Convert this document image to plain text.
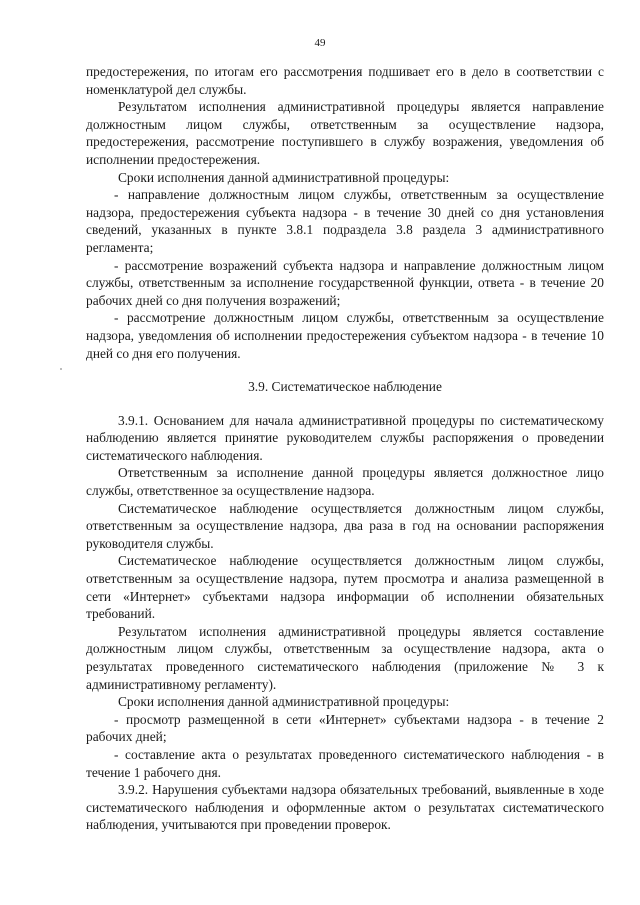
49

предостережения, по итогам его рассмотрения подшивает его в дело в соответствии с номенклатурой дел службы.

Результатом исполнения административной процедуры является направление должностным лицом службы, ответственным за осуществление надзора, предостережения, рассмотрение поступившего в службу возражения, уведомления об исполнении предостережения.

Сроки исполнения данной административной процедуры:

- направление должностным лицом службы, ответственным за осуществление надзора, предостережения субъекта надзора - в течение 30 дней со дня установления сведений, указанных в пункте 3.8.1 подраздела 3.8 раздела 3 административного регламента;

- рассмотрение возражений субъекта надзора и направление должностным лицом службы, ответственным за исполнение государственной функции, ответа - в течение 20 рабочих дней со дня получения возражений;

- рассмотрение должностным лицом службы, ответственным за осуществление надзора, уведомления об исполнении предостережения субъектом надзора - в течение 10 дней со дня его получения.

3.9. Систематическое наблюдение

3.9.1. Основанием для начала административной процедуры по систематическому наблюдению является принятие руководителем службы распоряжения о проведении систематического наблюдения.

Ответственным за исполнение данной процедуры является должностное лицо службы, ответственное за осуществление надзора.

Систематическое наблюдение осуществляется должностным лицом службы, ответственным за осуществление надзора, два раза в год на основании распоряжения руководителя службы.

Систематическое наблюдение осуществляется должностным лицом службы, ответственным за осуществление надзора, путем просмотра и анализа размещенной в сети «Интернет» субъектами надзора информации об исполнении обязательных требований.

Результатом исполнения административной процедуры является составление должностным лицом службы, ответственным за осуществление надзора, акта о результатах проведенного систематического наблюдения (приложение № 3 к административному регламенту).

Сроки исполнения данной административной процедуры:

- просмотр размещенной в сети «Интернет» субъектами надзора - в течение 2 рабочих дней;

- составление акта о результатах проведенного систематического наблюдения - в течение 1 рабочего дня.

3.9.2. Нарушения субъектами надзора обязательных требований, выявленные в ходе систематического наблюдения и оформленные актом о результатах систематического наблюдения, учитываются при проведении проверок.
